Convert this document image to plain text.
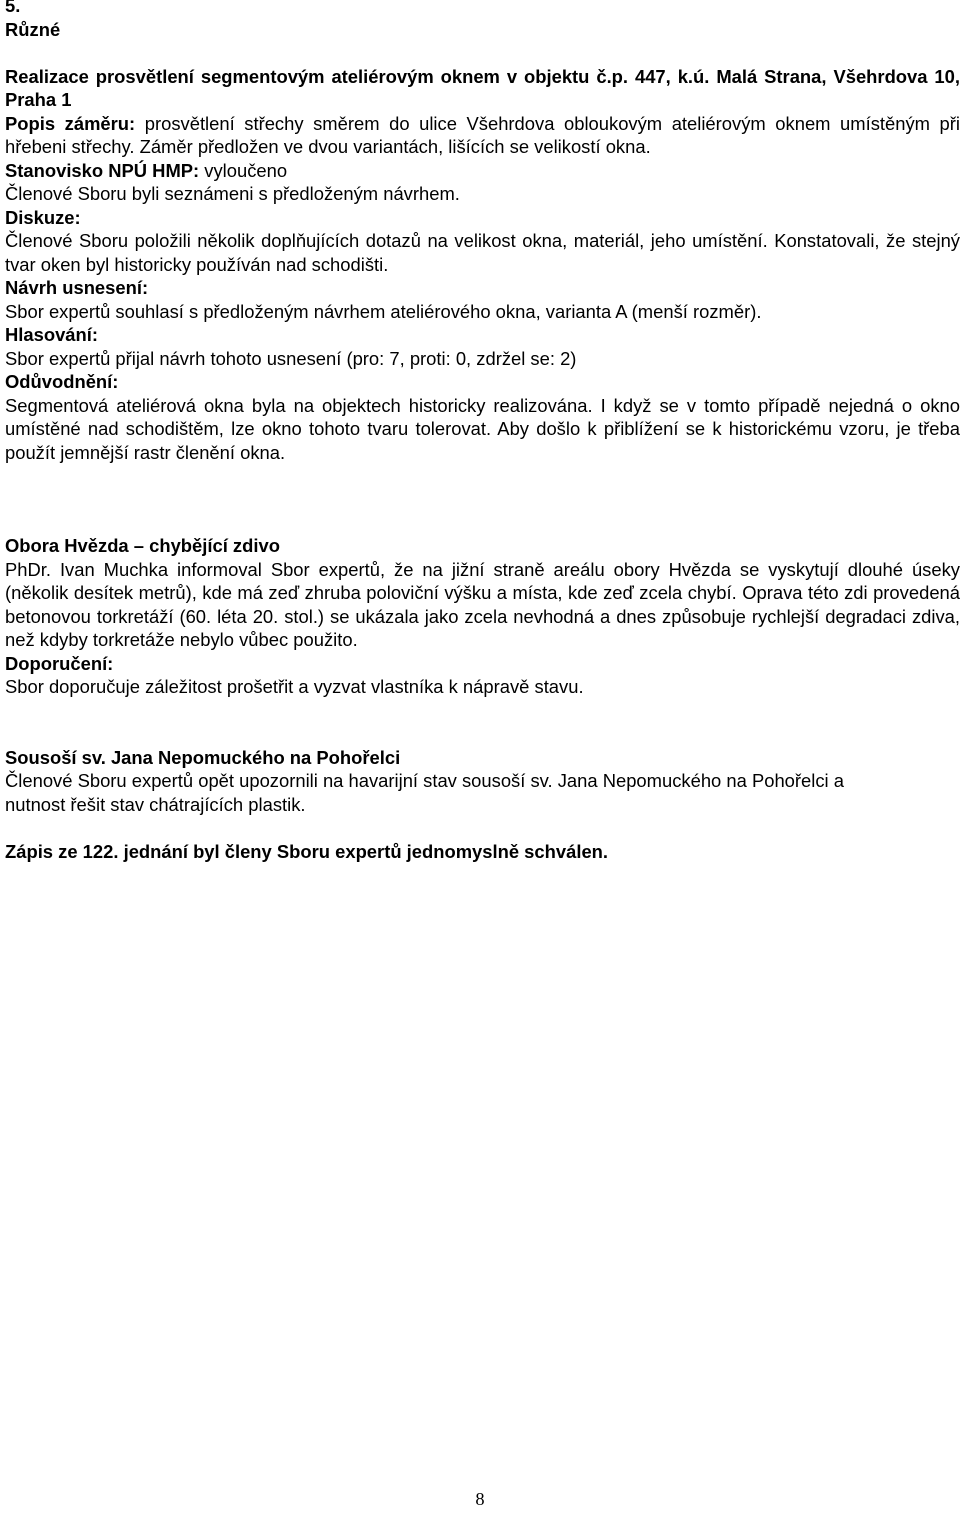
5.

Různé

Realizace prosvětlení segmentovým ateliérovým oknem v objektu č.p. 447, k.ú. Malá Strana, Všehrdova 10, Praha 1

Popis záměru: prosvětlení střechy směrem do ulice Všehrdova obloukovým ateliérovým oknem umístěným při hřebeni střechy. Záměr předložen ve dvou variantách, lišících se velikostí okna.

Stanovisko NPÚ HMP: vyloučeno

Členové Sboru byli seznámeni s předloženým návrhem.

Diskuze:

Členové Sboru položili několik doplňujících dotazů na velikost okna, materiál, jeho umístění. Konstatovali, že stejný tvar oken byl historicky používán nad schodišti.

Návrh usnesení:

Sbor expertů souhlasí s předloženým návrhem ateliérového okna, varianta A (menší rozměr).

Hlasování:

Sbor expertů přijal návrh tohoto usnesení (pro: 7, proti: 0, zdržel se: 2)

Odůvodnění:

Segmentová ateliérová okna byla na objektech historicky realizována. I když se v tomto případě nejedná o okno umístěné nad schodištěm, lze okno tohoto tvaru tolerovat. Aby došlo k přiblížení se k historickému vzoru, je třeba použít jemnější rastr členění okna.

Obora Hvězda – chybějící zdivo

PhDr. Ivan Muchka informoval Sbor expertů, že na jižní straně areálu obory Hvězda se vyskytují dlouhé úseky (několik desítek metrů), kde má zeď zhruba poloviční výšku a místa, kde zeď zcela chybí. Oprava této zdi provedená betonovou torkretáží (60. léta 20. stol.) se ukázala jako zcela nevhodná a dnes způsobuje rychlejší degradaci zdiva, než kdyby torkretáže nebylo vůbec použito.

Doporučení:

Sbor doporučuje záležitost prošetřit a vyzvat vlastníka k nápravě stavu.

Sousoší sv. Jana Nepomuckého na Pohořelci

Členové Sboru expertů opět upozornili na havarijní stav sousoší sv. Jana Nepomuckého na Pohořelci a nutnost řešit stav chátrajících plastik.

Zápis ze 122. jednání byl členy Sboru expertů jednomyslně schválen.

8
